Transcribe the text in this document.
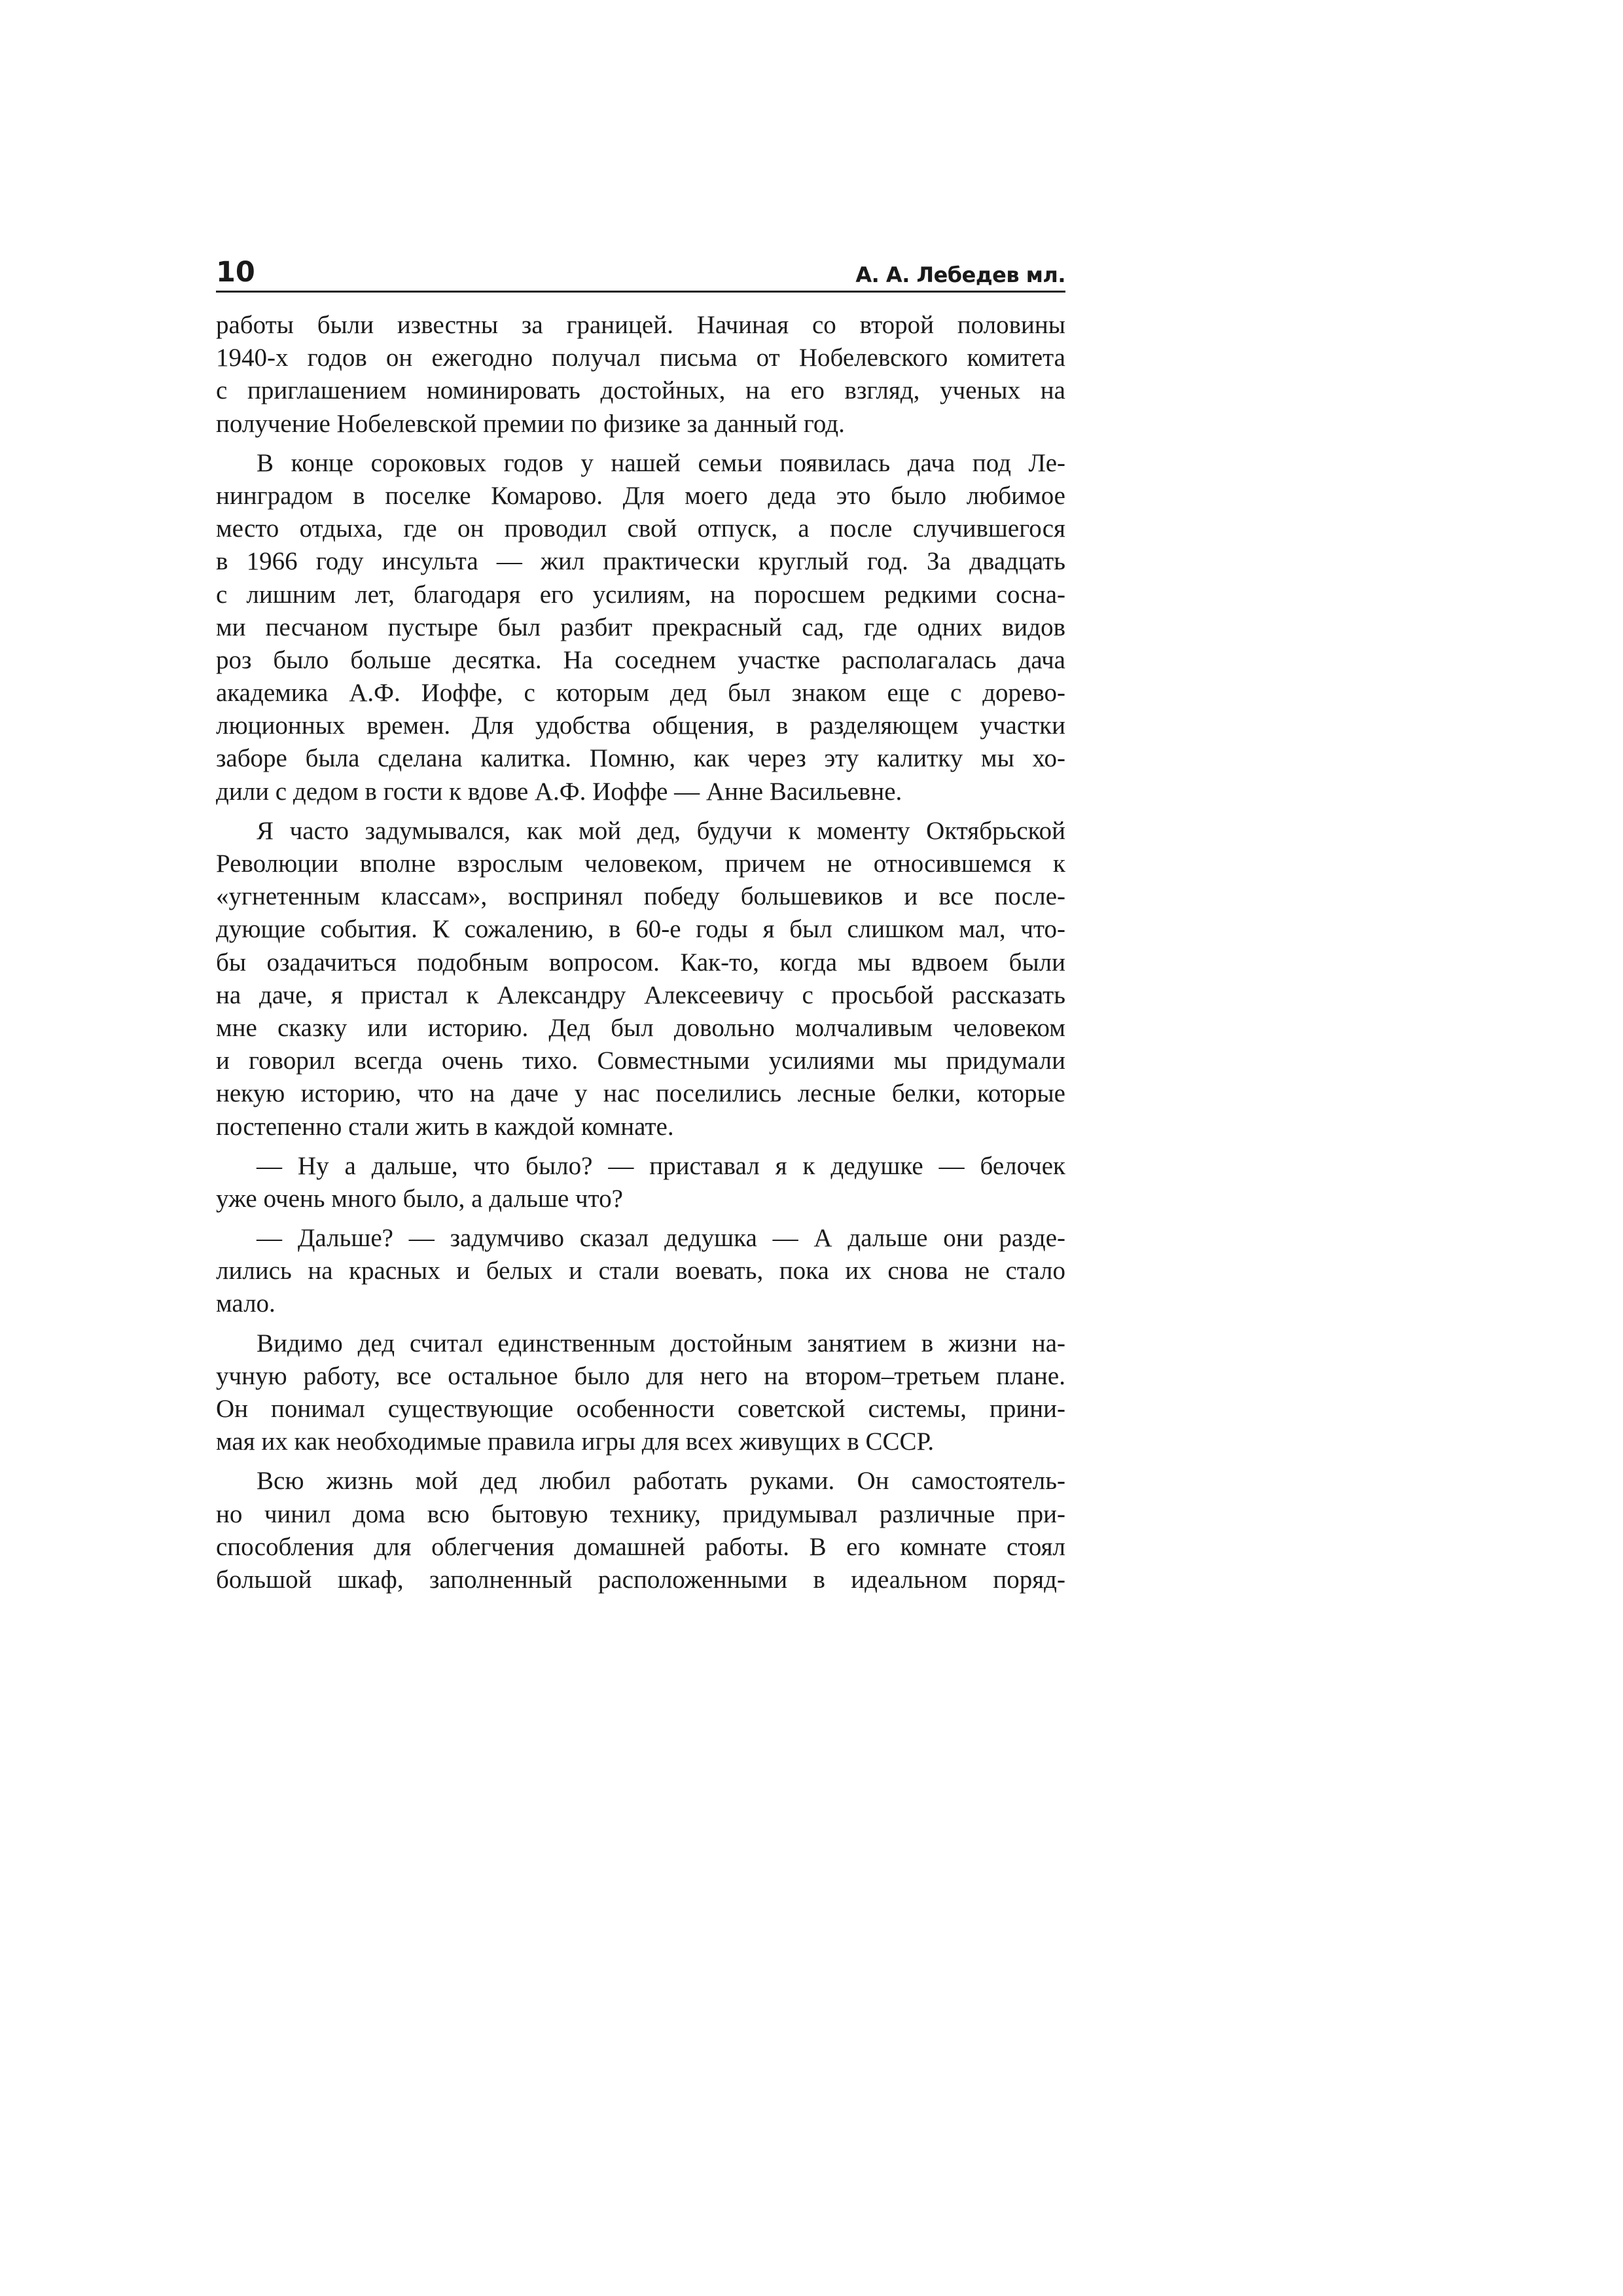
10	А. А. Лебедев мл.
работы были известны за границей. Начиная со второй половины
1940-х годов он ежегодно получал письма от Нобелевского комитета
с приглашением номинировать достойных, на его взгляд, ученых на
получение Нобелевской премии по физике за данный год.
В конце сороковых годов у нашей семьи появилась дача под Ле-
нинградом в поселке Комарово. Для моего деда это было любимое
место отдыха, где он проводил свой отпуск, а после случившегося
в 1966 году инсульта — жил практически круглый год. За двадцать
с лишним лет, благодаря его усилиям, на поросшем редкими сосна-
ми песчаном пустыре был разбит прекрасный сад, где одних видов
роз было больше десятка. На соседнем участке располагалась дача
академика А.Ф. Иоффе, с которым дед был знаком еще с дорево-
люционных времен. Для удобства общения, в разделяющем участки
заборе была сделана калитка. Помню, как через эту калитку мы хо-
дили с дедом в гости к вдове А.Ф. Иоффе — Анне Васильевне.
Я часто задумывался, как мой дед, будучи к моменту Октябрьской
Революции вполне взрослым человеком, причем не относившемся к
«угнетенным классам», воспринял победу большевиков и все после-
дующие события. К сожалению, в 60-е годы я был слишком мал, что-
бы озадачиться подобным вопросом. Как-то, когда мы вдвоем были
на даче, я пристал к Александру Алексеевичу с просьбой рассказать
мне сказку или историю. Дед был довольно молчаливым человеком
и говорил всегда очень тихо. Совместными усилиями мы придумали
некую историю, что на даче у нас поселились лесные белки, которые
постепенно стали жить в каждой комнате.
— Ну а дальше, что было? — приставал я к дедушке — белочек
уже очень много было, а дальше что?
— Дальше? — задумчиво сказал дедушка — А дальше они разде-
лились на красных и белых и стали воевать, пока их снова не стало
мало.
Видимо дед считал единственным достойным занятием в жизни на-
учную работу, все остальное было для него на втором–третьем плане.
Он понимал существующие особенности советской системы, прини-
мая их как необходимые правила игры для всех живущих в СССР.
Всю жизнь мой дед любил работать руками. Он самостоятель-
но чинил дома всю бытовую технику, придумывал различные при-
способления для облегчения домашней работы. В его комнате стоял
большой шкаф, заполненный расположенными в идеальном поряд-
